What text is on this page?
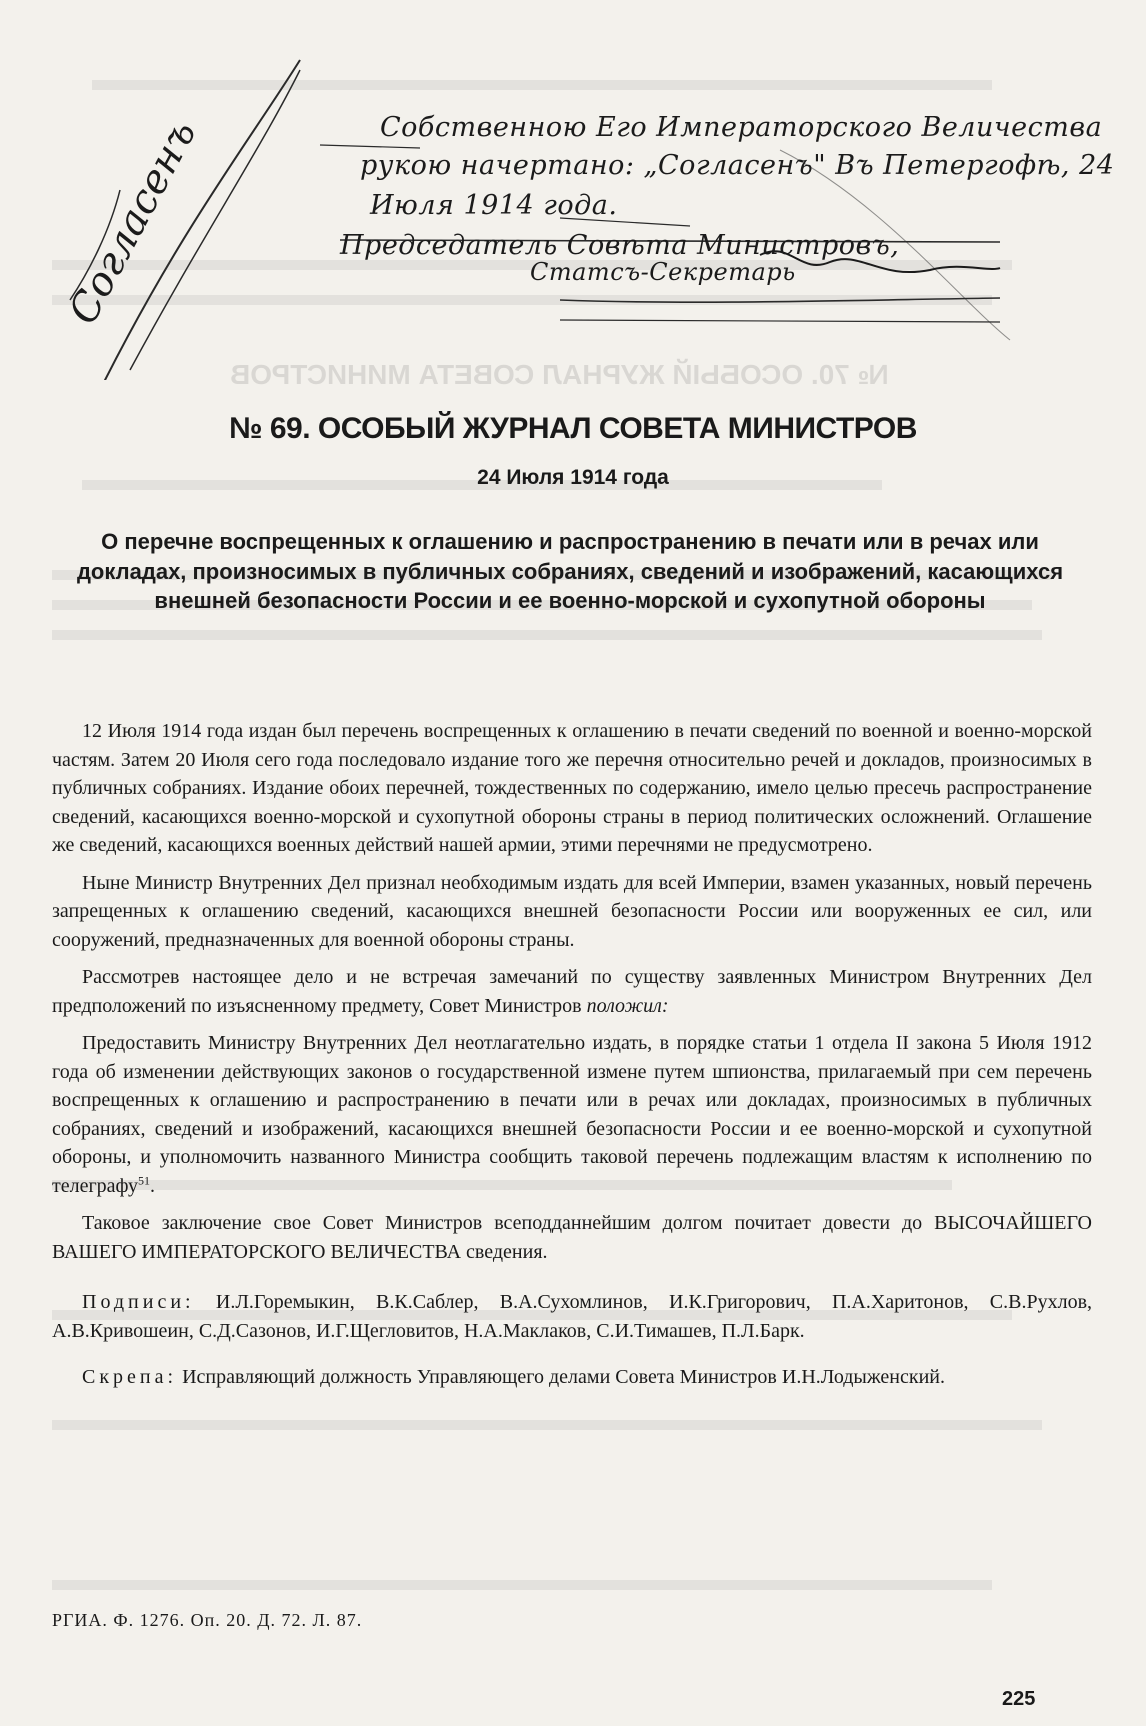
№ 70. ОСОБЫЙ ЖУРНАЛ СОВЕТА МИНИСТРОВ
Согласенъ	Собственною Его Императорского Величества
рукою начертано: „Согласенъ" Въ Петергофѣ, 24
Июля 1914 года.
Председатель Совѣта Министровъ,
Статсъ-Секретарь
№ 69. ОСОБЫЙ ЖУРНАЛ СОВЕТА МИНИСТРОВ
24 Июля 1914 года
О перечне воспрещенных к оглашению и распространению в печати или в речах или докладах, произносимых в публичных собраниях, сведений и изображений, касающихся внешней безопасности России и ее военно-морской и сухопутной обороны

12 Июля 1914 года издан был перечень воспрещенных к оглашению в печати сведений по военной и военно-морской частям. Затем 20 Июля сего года последовало издание того же перечня относительно речей и докладов, произносимых в публичных собраниях. Издание обоих перечней, тождественных по содержанию, имело целью пресечь распространение сведений, касающихся военно-морской и сухопутной обороны страны в период политических осложнений. Оглашение же сведений, касающихся военных действий нашей армии, этими перечнями не предусмотрено.

Ныне Министр Внутренних Дел признал необходимым издать для всей Империи, взамен указанных, новый перечень запрещенных к оглашению сведений, касающихся внешней безопасности России или вооруженных ее сил, или сооружений, предназначенных для военной обороны страны.

Рассмотрев настоящее дело и не встречая замечаний по существу заявленных Министром Внутренних Дел предположений по изъясненному предмету, Совет Министров положил:

Предоставить Министру Внутренних Дел неотлагательно издать, в порядке статьи 1 отдела II закона 5 Июля 1912 года об изменении действующих законов о государственной измене путем шпионства, прилагаемый при сем перечень воспрещенных к оглашению и распространению в печати или в речах или докладах, произносимых в публичных собраниях, сведений и изображений, касающихся внешней безопасности России и ее военно-морской и сухопутной обороны, и уполномочить названного Министра сообщить таковой перечень подлежащим властям к исполнению по телеграфу$^{51}$.

Таковое заключение свое Совет Министров всеподданнейшим долгом почитает довести до ВЫСОЧАЙШЕГО ВАШЕГО ИМПЕРАТОРСКОГО ВЕЛИЧЕСТВА сведения.

Подписи: И.Л.Горемыкин, В.К.Саблер, В.А.Сухомлинов, И.К.Григорович, П.А.Харитонов, С.В.Рухлов, А.В.Кривошеин, С.Д.Сазонов, И.Г.Щегловитов, Н.А.Маклаков, С.И.Тимашев, П.Л.Барк.

Скрепа: Исправляющий должность Управляющего делами Совета Министров И.Н.Лодыженский.

РГИА. Ф. 1276. Оп. 20. Д. 72. Л. 87.
225
